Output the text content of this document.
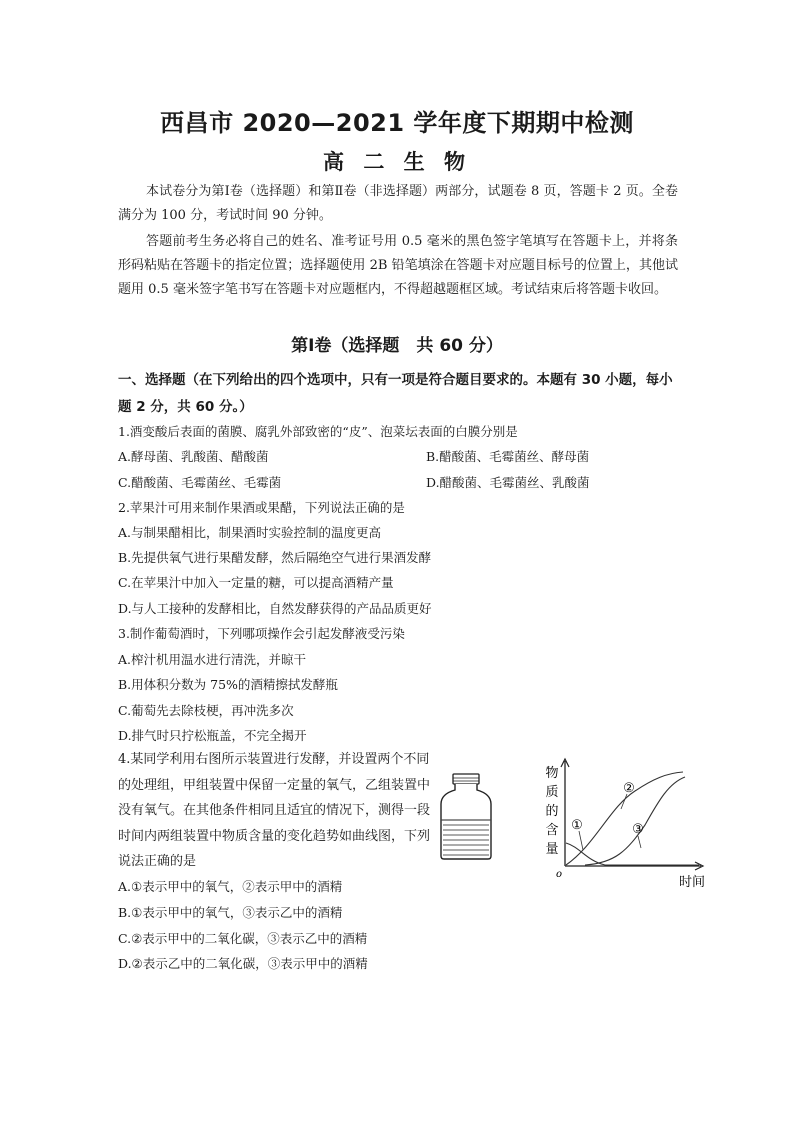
西昌市 2020—2021 学年度下期期中检测
高 二 生 物
本试卷分为第Ⅰ卷（选择题）和第Ⅱ卷（非选择题）两部分，试题卷 8 页，答题卡 2 页。全卷满分为 100 分，考试时间 90 分钟。
答题前考生务必将自己的姓名、准考证号用 0.5 毫米的黑色签字笔填写在答题卡上，并将条形码粘贴在答题卡的指定位置；选择题使用 2B 铅笔填涂在答题卡对应题目标号的位置上，其他试题用 0.5 毫米签字笔书写在答题卡对应题框内，不得超越题框区域。考试结束后将答题卡收回。
第Ⅰ卷（选择题　共 60 分）
一、选择题（在下列给出的四个选项中，只有一项是符合题目要求的。本题有 30 小题，每小题 2 分，共 60 分。）
1.酒变酸后表面的菌膜、腐乳外部致密的“皮”、泡菜坛表面的白膜分别是
A.酵母菌、乳酸菌、醋酸菌	B.醋酸菌、毛霉菌丝、酵母菌
C.醋酸菌、毛霉菌丝、毛霉菌	D.醋酸菌、毛霉菌丝、乳酸菌
2.苹果汁可用来制作果酒或果醋，下列说法正确的是
A.与制果醋相比，制果酒时实验控制的温度更高
B.先提供氧气进行果醋发酵，然后隔绝空气进行果酒发酵
C.在苹果汁中加入一定量的糖，可以提高酒精产量
D.与人工接种的发酵相比，自然发酵获得的产品品质更好
3.制作葡萄酒时，下列哪项操作会引起发酵液受污染
A.榨汁机用温水进行清洗，并晾干
B.用体积分数为 75%的酒精擦拭发酵瓶
C.葡萄先去除枝梗，再冲洗多次
D.排气时只拧松瓶盖，不完全揭开
4.某同学利用右图所示装置进行发酵，并设置两个不同的处理组，甲组装置中保留一定量的氧气，乙组装置中没有氧气。在其他条件相同且适宜的情况下，测得一段时间内两组装置中物质含量的变化趋势如曲线图，下列说法正确的是
A.①表示甲中的氧气，②表示甲中的酒精
B.①表示甲中的氧气，③表示乙中的酒精
C.②表示甲中的二氧化碳，③表示乙中的酒精
D.②表示乙中的二氧化碳，③表示甲中的酒精
物
质
的
含
量
o
时间
①
②
③
